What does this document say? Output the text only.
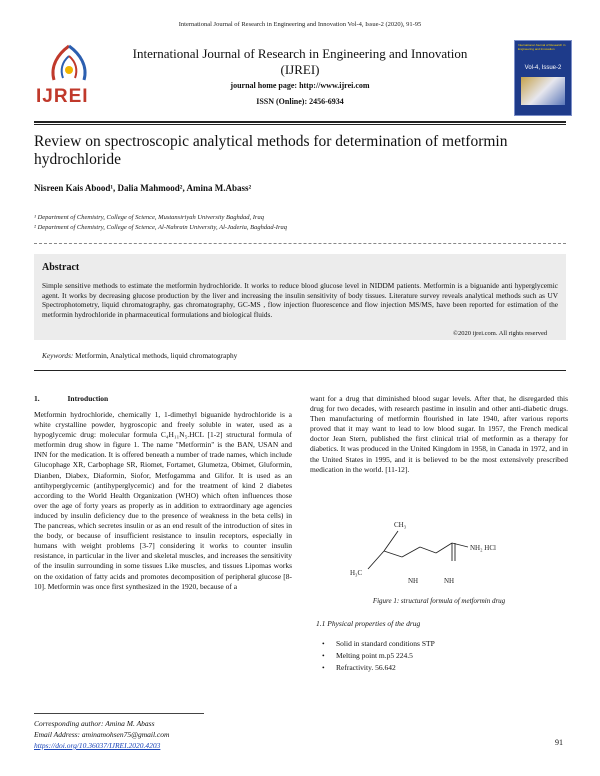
International Journal of Research in Engineering and Innovation Vol-4, Issue-2 (2020), 91-95
IJREI
International Journal of Research in Engineering and Innovation
(IJREI)
journal home page: http://www.ijrei.com
ISSN (Online): 2456-6934
International Journal of Research in Engineering and Innovation
Vol-4, Issue-2
Review on spectroscopic analytical methods for determination of metformin hydrochloride
Nisreen Kais Abood¹, Dalia Mahmood², Amina M.Abass²
¹ Department of Chemistry, College of Science, Mustansiriyah University Baghdad, Iraq
² Department of Chemistry, College of Science, Al-Nahrain University, Al-Jaderia, Baghdad-Iraq
Abstract
Simple sensitive methods to estimate the metformin hydrochloride. It works to reduce blood glucose level in NIDDM patients. Metformin is a biguanide anti hyperglycemic agent. It works by decreasing glucose production by the liver and increasing the insulin sensitivity of body tissues. Literature survey reveals analytical methods such as UV Spectrophotometry, liquid chromatography, gas chromatography, GC-MS , flow injection fluorescence and flow injection MS/MS, have been reported for estimation of the metformin hydrochloride in pharmaceutical formulations and biological fluids.
©2020 ijrei.com. All rights reserved
Keywords: Metformin, Analytical methods, liquid chromatography
1.	Introduction
Metformin hydrochloride, chemically 1, 1-dimethyl biguanide hydrochloride is a white crystalline powder, hygroscopic and freely soluble in water, used as a hypoglycemic drug: molecular formula C₄H₁₁N₅.HCL [1-2] structural formula of metformin drug show in figure 1. The name "Metformin" is the BAN, USAN and INN for the medication. It is offered beneath a number of trade names, which include Glucophage XR, Carbophage SR, Riomet, Fortamet, Glumetza, Obimet, Gluformin, Dianben, Diabex, Diaformin, Siofor, Metfogamma and Glifor. It is used as an antihyperglycemic (antihyperglycemic) and for the treatment of kind 2 diabetes according to the World Health Organization (WHO) which often influences those over the age of forty years as properly as in addition to extraordinary age agencies induced by insulin deficiency due to the presence of weakness in the beta cells) in The pancreas, which secretes insulin or as an end result of the introduction of sites in the body, or because of insufficient resistance to insulin receptors, especially in humans with weight problems [3-7] considering it works to counter insulin resistance, in particular in the liver and skeletal muscles, and increases the sensitivity of the insulin surrounding in some tissues Like muscles, and tissues Lipomas works on the oxidation of fatty acids and promotes decomposition of peripheral glucose [8-10]. Metformin was once first synthesized in the 1920, because of a
want for a drug that diminished blood sugar levels. After that, he disregarded this drug for two decades, with research pastime in insulin and other anti-diabetic drugs. Then manufacturing of metformin flourished in late 1940, after various reports proved that it may want to lead to low blood sugar. In 1957, the French medical doctor Jean Stern, published the first clinical trial of metformin as a therapy for diabetics. It was produced in the United Kingdom in 1958, in Canada in 1972, and in the United States in 1995, and it is believed to be the most extensively prescribed medication in the world. [11-12].
CH₃
NH₂ HCl
H₃C
NH	NH
Figure 1: structural formula of metformin drug
1.1 Physical properties of the drug
• Solid in standard conditions STP
• Melting point m.p5 224.5
• Refractivity. 56.642
Corresponding author: Amina M. Abass
Email Address: aminamohsen75@gmail.com
https://doi.org/10.36037/IJREI.2020.4203	91
